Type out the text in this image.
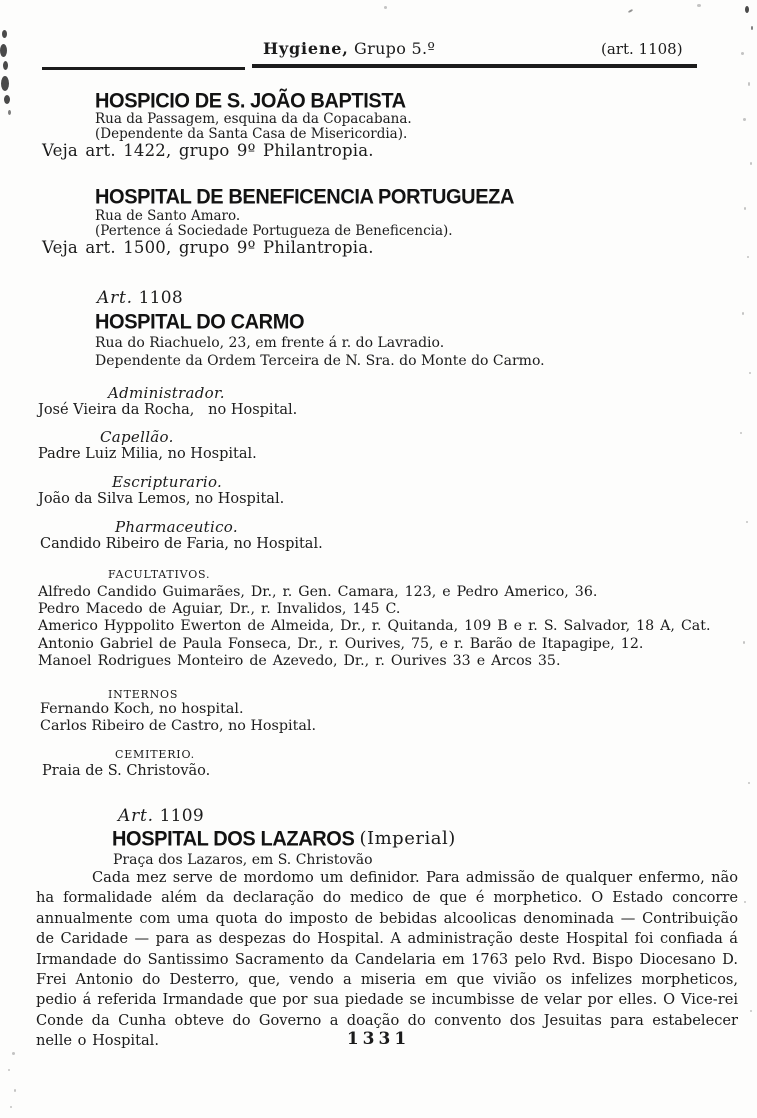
Hygiene, Grupo 5.º	(art. 1108)
HOSPICIO DE S. JOÃO BAPTISTA
Rua da Passagem, esquina da da Copacabana.
(Dependente da Santa Casa de Misericordia).
Veja art. 1422, grupo 9º Philantropia.
HOSPITAL DE BENEFICENCIA PORTUGUEZA
Rua de Santo Amaro.
(Pertence á Sociedade Portugueza de Beneficencia).
Veja art. 1500, grupo 9º Philantropia.
Art. 1108
HOSPITAL DO CARMO
Rua do Riachuelo, 23, em frente á r. do Lavradio.
Dependente da Ordem Terceira de N. Sra. do Monte do Carmo.
Administrador.
José Vieira da Rocha,   no Hospital.
Capellão.
Padre Luiz Milia, no Hospital.
Escripturario.
João da Silva Lemos, no Hospital.
Pharmaceutico.
Candido Ribeiro de Faria, no Hospital.
FACULTATIVOS.
Alfredo Candido Guimarães, Dr., r. Gen. Camara, 123, e Pedro Americo, 36.
Pedro Macedo de Aguiar, Dr., r. Invalidos, 145 C.
Americo Hyppolito Ewerton de Almeida, Dr., r. Quitanda, 109 B e r. S. Salvador, 18 A, Cat.
Antonio Gabriel de Paula Fonseca, Dr., r. Ourives, 75, e r. Barão de Itapagipe, 12.
Manoel Rodrigues Monteiro de Azevedo, Dr., r. Ourives 33 e Arcos 35.
INTERNOS
Fernando Koch, no hospital.
Carlos Ribeiro de Castro, no Hospital.
CEMITERIO.
Praia de S. Christovão.
Art. 1109
HOSPITAL DOS LAZAROS (Imperial)
Praça dos Lazaros, em S. Christovão
Cada mez serve de mordomo um definidor. Para admissão de qualquer enfermo, não ha formalidade além da declaração do medico de que é morphetico. O Estado concorre annualmente com uma quota do imposto de bebidas alcoolicas denominada — Contribuição de Caridade — para as despezas do Hospital. A administração deste Hospital foi confiada á Irmandade do Santissimo Sacramento da Candelaria em 1763 pelo Rvd. Bispo Diocesano D. Frei Antonio do Desterro, que, vendo a miseria em que vivião os infelizes morpheticos, pedio á referida Irmandade que por sua piedade se incumbisse de velar por elles. O Vice-rei Conde da Cunha obteve do Governo a doação do convento dos Jesuitas para estabelecer nelle o Hospital.	1331
